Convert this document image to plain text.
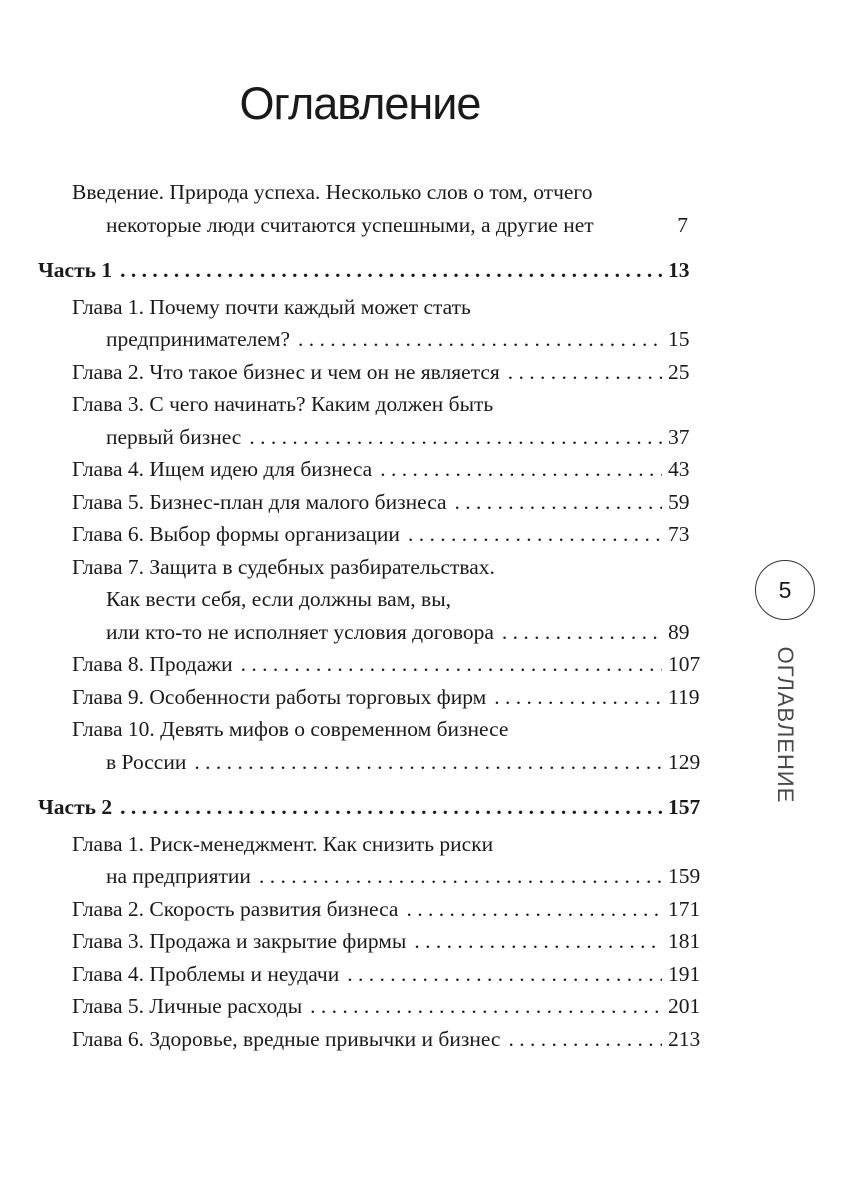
Оглавление
Введение. Природа успеха. Несколько слов о том, отчего
некоторые люди считаются успешными, а другие нет	7
Часть 1 . . .	13
Глава 1. Почему почти каждый может стать
предпринимателем? . . .	15
Глава 2. Что такое бизнес и чем он не является . . .	25
Глава 3. С чего начинать? Каким должен быть
первый бизнес . . .	37
Глава 4. Ищем идею для бизнеса . . .	43
Глава 5. Бизнес-план для малого бизнеса . . .	59
Глава 6. Выбор формы организации . . .	73
Глава 7. Защита в судебных разбирательствах.
Как вести себя, если должны вам, вы,
или кто-то не исполняет условия договора . . .	89
Глава 8. Продажи . . .	107
Глава 9. Особенности работы торговых фирм . . .	119
Глава 10. Девять мифов о современном бизнесе
в России . . .	129
Часть 2 . . .	157
Глава 1. Риск-менеджмент. Как снизить риски
на предприятии . . .	159
Глава 2. Скорость развития бизнеса . . .	171
Глава 3. Продажа и закрытие фирмы . . .	181
Глава 4. Проблемы и неудачи . . .	191
Глава 5. Личные расходы . . .	201
Глава 6. Здоровье, вредные привычки и бизнес . . .	213
5
ОГЛАВЛЕНИЕ
